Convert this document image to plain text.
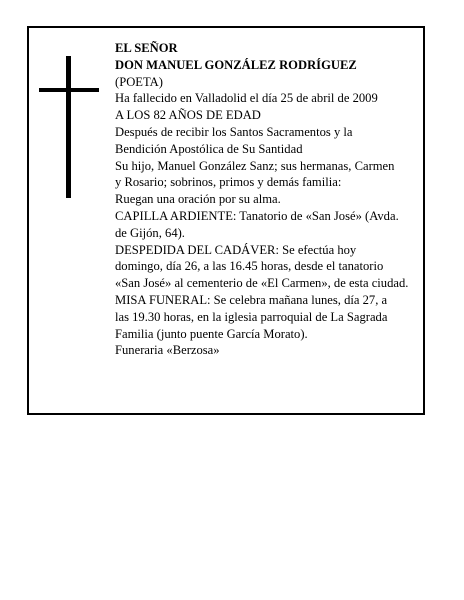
EL SEÑOR
DON MANUEL GONZÁLEZ RODRÍGUEZ
(POETA)
Ha fallecido en Valladolid el día 25 de abril de 2009
A LOS 82 AÑOS DE EDAD
Después de recibir los Santos Sacramentos y la
Bendición Apostólica de Su Santidad
Su hijo, Manuel González Sanz; sus hermanas, Carmen
y Rosario; sobrinos, primos y demás familia:
Ruegan una oración por su alma.
CAPILLA ARDIENTE: Tanatorio de «San José» (Avda.
de Gijón, 64).
DESPEDIDA DEL CADÁVER: Se efectúa hoy
domingo, día 26, a las 16.45 horas, desde el tanatorio
«San José» al cementerio de «El Carmen», de esta ciudad.
MISA FUNERAL: Se celebra mañana lunes, día 27, a
las 19.30 horas, en la iglesia parroquial de La Sagrada
Familia (junto puente García Morato).
Funeraria «Berzosa»
